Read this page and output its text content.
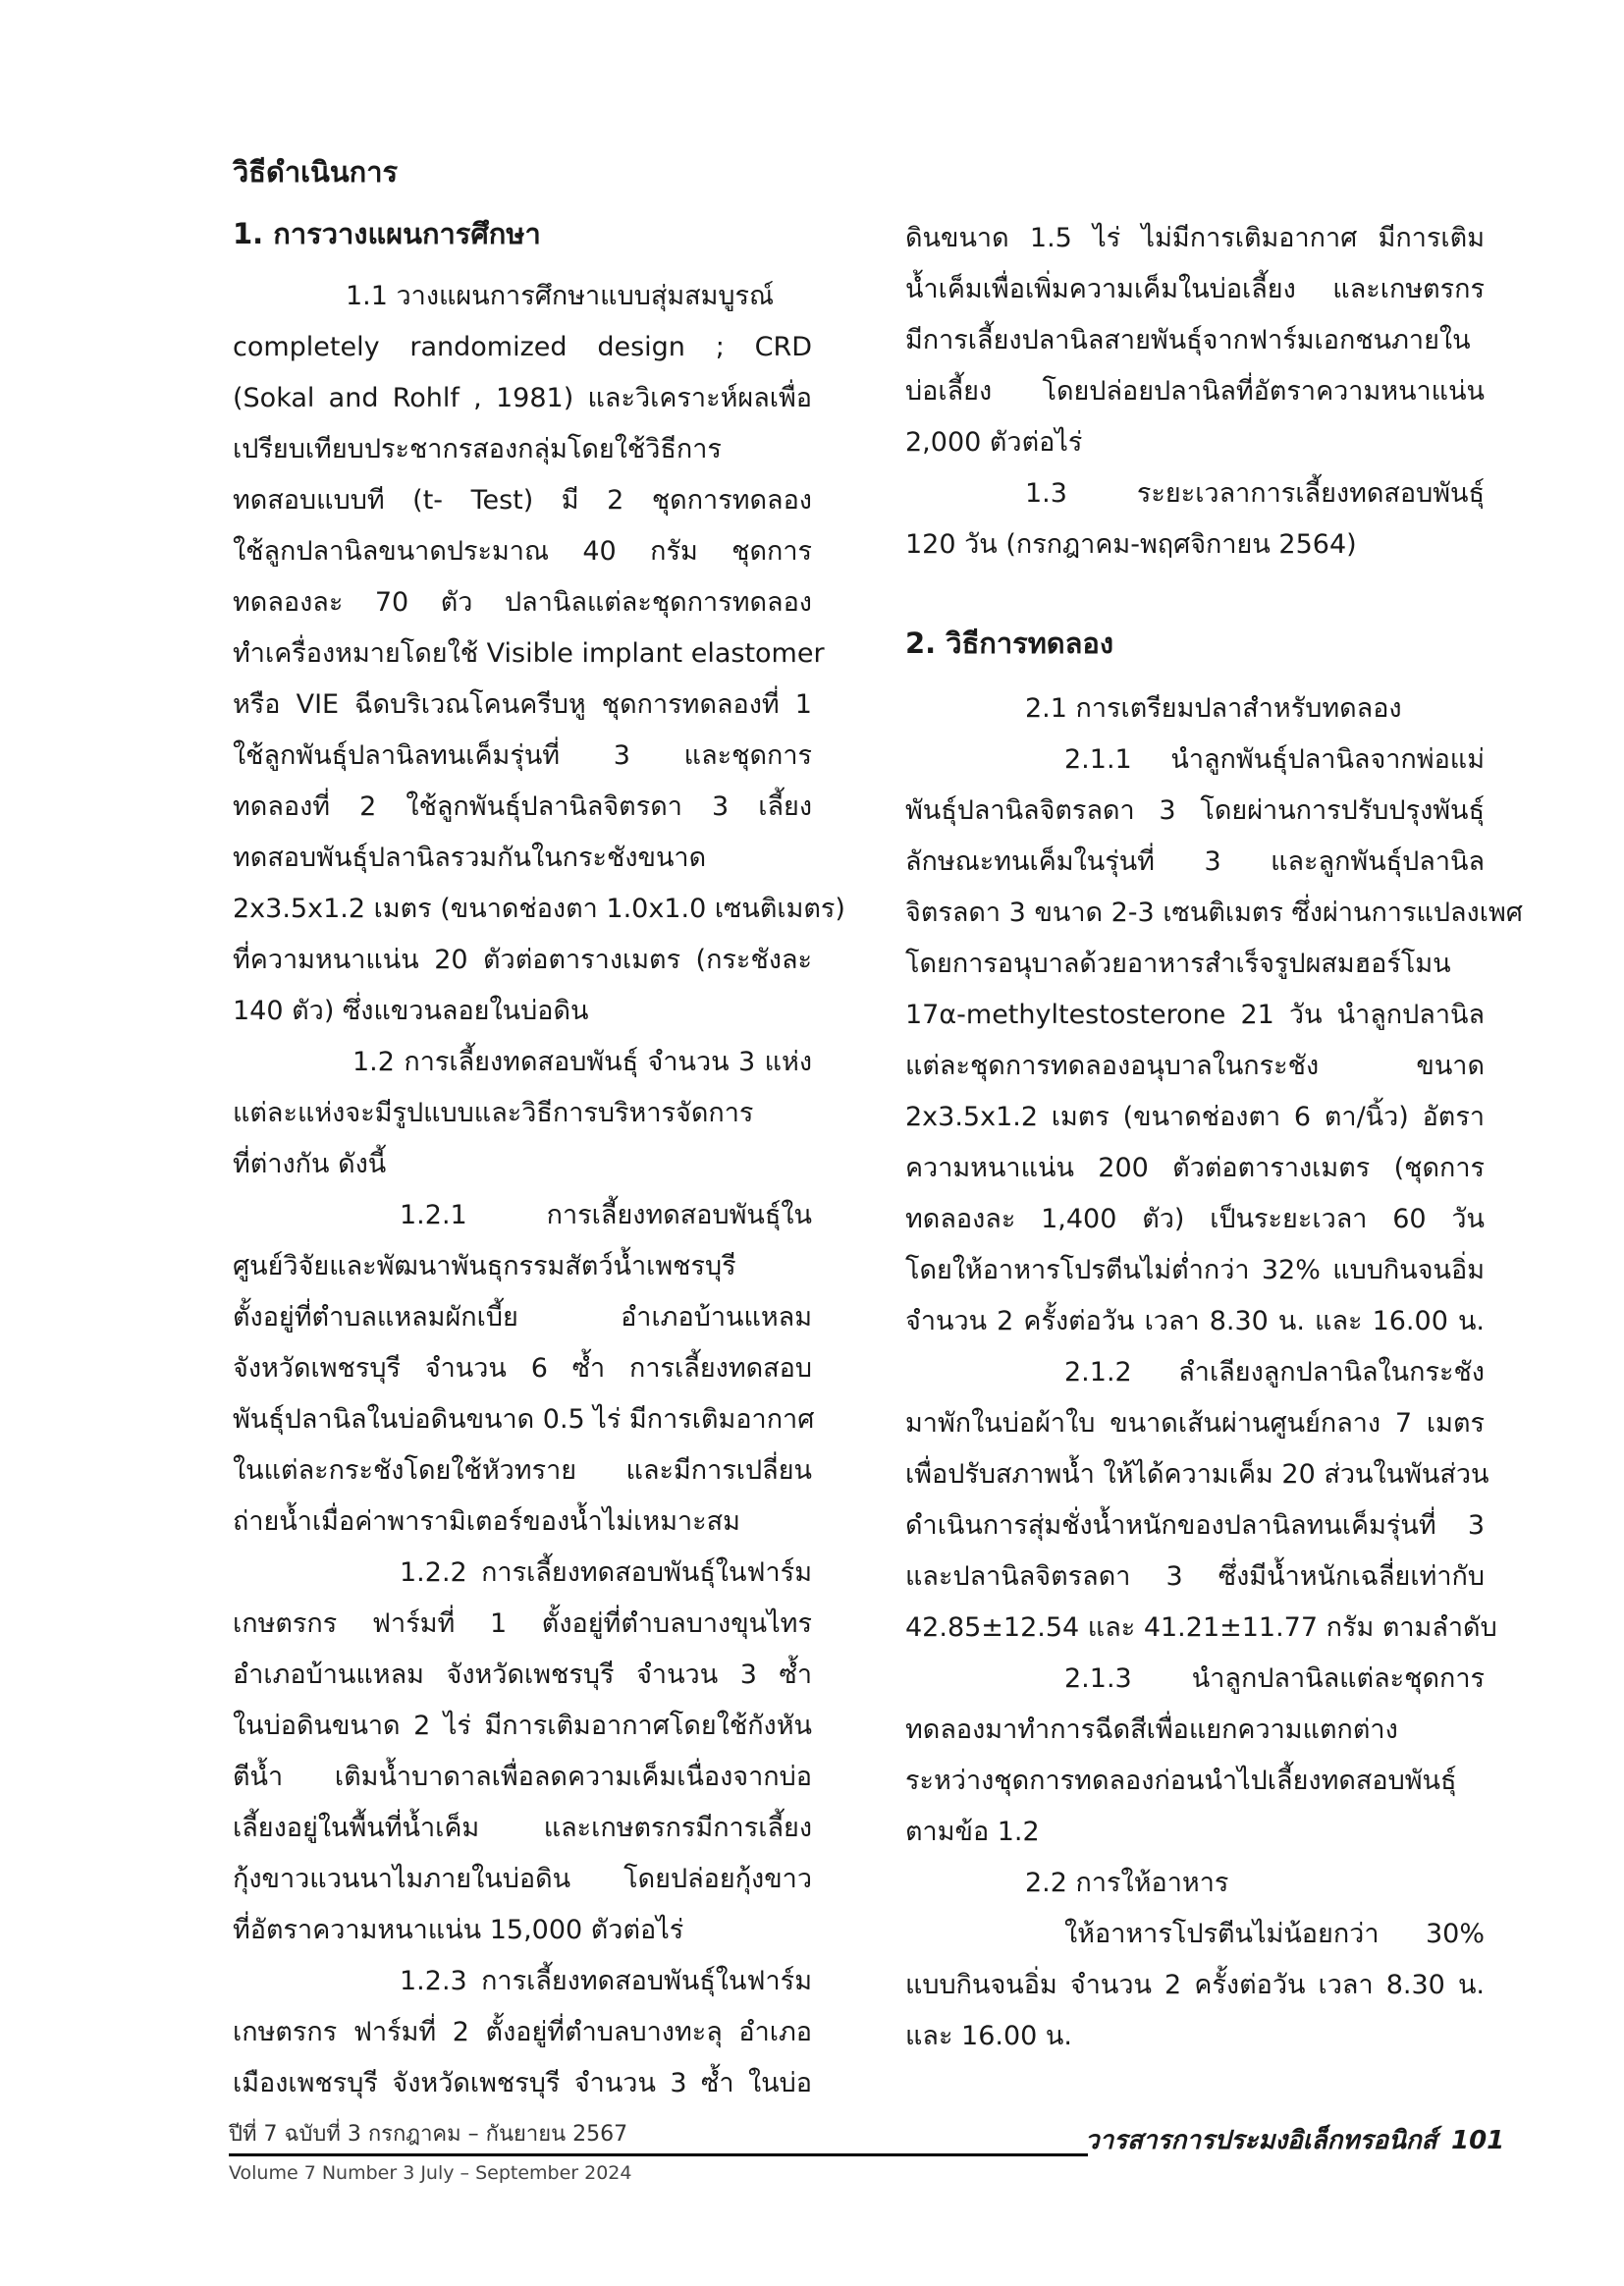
วิธีดำเนินการ
1. การวางแผนการศึกษา
1.1 วางแผนการศึกษาแบบสุ่มสมบูรณ์
completely randomized design ; CRD
(Sokal and Rohlf , 1981) และวิเคราะห์ผลเพื่อ
เปรียบเทียบประชากรสองกลุ่มโดยใช้วิธีการ
ทดสอบแบบที (t- Test) มี 2 ชุดการทดลอง
ใช้ลูกปลานิลขนาดประมาณ 40 กรัม ชุดการ
ทดลองละ 70 ตัว ปลานิลแต่ละชุดการทดลอง
ทำเครื่องหมายโดยใช้ Visible implant elastomer
หรือ VIE ฉีดบริเวณโคนครีบหู ชุดการทดลองที่ 1
ใช้ลูกพันธุ์ปลานิลทนเค็มรุ่นที่ 3 และชุดการ
ทดลองที่ 2 ใช้ลูกพันธุ์ปลานิลจิตรดา 3 เลี้ยง
ทดสอบพันธุ์ปลานิลรวมกันในกระชังขนาด
2x3.5x1.2 เมตร (ขนาดช่องตา 1.0x1.0 เซนติเมตร)
ที่ความหนาแน่น 20 ตัวต่อตารางเมตร (กระชังละ
140 ตัว) ซึ่งแขวนลอยในบ่อดิน
1.2 การเลี้ยงทดสอบพันธุ์ จำนวน 3 แห่ง
แต่ละแห่งจะมีรูปแบบและวิธีการบริหารจัดการ
ที่ต่างกัน ดังนี้
1.2.1 การเลี้ยงทดสอบพันธุ์ใน
ศูนย์วิจัยและพัฒนาพันธุกรรมสัตว์น้ำเพชรบุรี
ตั้งอยู่ที่ตำบลแหลมผักเบี้ย อำเภอบ้านแหลม
จังหวัดเพชรบุรี จำนวน 6 ซ้ำ การเลี้ยงทดสอบ
พันธุ์ปลานิลในบ่อดินขนาด 0.5 ไร่ มีการเติมอากาศ
ในแต่ละกระชังโดยใช้หัวทราย และมีการเปลี่ยน
ถ่ายน้ำเมื่อค่าพารามิเตอร์ของน้ำไม่เหมาะสม
1.2.2 การเลี้ยงทดสอบพันธุ์ในฟาร์ม
เกษตรกร ฟาร์มที่ 1 ตั้งอยู่ที่ตำบลบางขุนไทร
อำเภอบ้านแหลม จังหวัดเพชรบุรี จำนวน 3 ซ้ำ
ในบ่อดินขนาด 2 ไร่ มีการเติมอากาศโดยใช้กังหัน
ตีน้ำ เติมน้ำบาดาลเพื่อลดความเค็มเนื่องจากบ่อ
เลี้ยงอยู่ในพื้นที่น้ำเค็ม และเกษตรกรมีการเลี้ยง
กุ้งขาวแวนนาไมภายในบ่อดิน โดยปล่อยกุ้งขาว
ที่อัตราความหนาแน่น 15,000 ตัวต่อไร่
1.2.3 การเลี้ยงทดสอบพันธุ์ในฟาร์ม
เกษตรกร ฟาร์มที่ 2 ตั้งอยู่ที่ตำบลบางทะลุ อำเภอ
เมืองเพชรบุรี จังหวัดเพชรบุรี จำนวน 3 ซ้ำ ในบ่อ
ดินขนาด 1.5 ไร่ ไม่มีการเติมอากาศ มีการเติม
น้ำเค็มเพื่อเพิ่มความเค็มในบ่อเลี้ยง และเกษตรกร
มีการเลี้ยงปลานิลสายพันธุ์จากฟาร์มเอกชนภายใน
บ่อเลี้ยง โดยปล่อยปลานิลที่อัตราความหนาแน่น
2,000 ตัวต่อไร่
1.3 ระยะเวลาการเลี้ยงทดสอบพันธุ์
120 วัน (กรกฎาคม-พฤศจิกายน 2564)
2. วิธีการทดลอง
2.1 การเตรียมปลาสำหรับทดลอง
2.1.1 นำลูกพันธุ์ปลานิลจากพ่อแม่
พันธุ์ปลานิลจิตรลดา 3 โดยผ่านการปรับปรุงพันธุ์
ลักษณะทนเค็มในรุ่นที่ 3 และลูกพันธุ์ปลานิล
จิตรลดา 3 ขนาด 2-3 เซนติเมตร ซึ่งผ่านการแปลงเพศ
โดยการอนุบาลด้วยอาหารสำเร็จรูปผสมฮอร์โมน
17α-methyltestosterone 21 วัน นำลูกปลานิล
แต่ละชุดการทดลองอนุบาลในกระชัง ขนาด
2x3.5x1.2 เมตร (ขนาดช่องตา 6 ตา/นิ้ว) อัตรา
ความหนาแน่น 200 ตัวต่อตารางเมตร (ชุดการ
ทดลองละ 1,400 ตัว) เป็นระยะเวลา 60 วัน
โดยให้อาหารโปรตีนไม่ต่ำกว่า 32% แบบกินจนอิ่ม
จำนวน 2 ครั้งต่อวัน เวลา 8.30 น. และ 16.00 น.
2.1.2 ลำเลียงลูกปลานิลในกระชัง
มาพักในบ่อผ้าใบ ขนาดเส้นผ่านศูนย์กลาง 7 เมตร
เพื่อปรับสภาพน้ำ ให้ได้ความเค็ม 20 ส่วนในพันส่วน
ดำเนินการสุ่มชั่งน้ำหนักของปลานิลทนเค็มรุ่นที่ 3
และปลานิลจิตรลดา 3 ซึ่งมีน้ำหนักเฉลี่ยเท่ากับ
42.85±12.54 และ 41.21±11.77 กรัม ตามลำดับ
2.1.3 นำลูกปลานิลแต่ละชุดการ
ทดลองมาทำการฉีดสีเพื่อแยกความแตกต่าง
ระหว่างชุดการทดลองก่อนนำไปเลี้ยงทดสอบพันธุ์
ตามข้อ 1.2
2.2 การให้อาหาร
ให้อาหารโปรตีนไม่น้อยกว่า 30%
แบบกินจนอิ่ม จำนวน 2 ครั้งต่อวัน เวลา 8.30 น.
และ 16.00 น.
ปีที่ 7 ฉบับที่ 3 กรกฎาคม – กันยายน 2567
Volume 7 Number 3 July – September 2024
วารสารการประมงอิเล็กทรอนิกส์ 101
